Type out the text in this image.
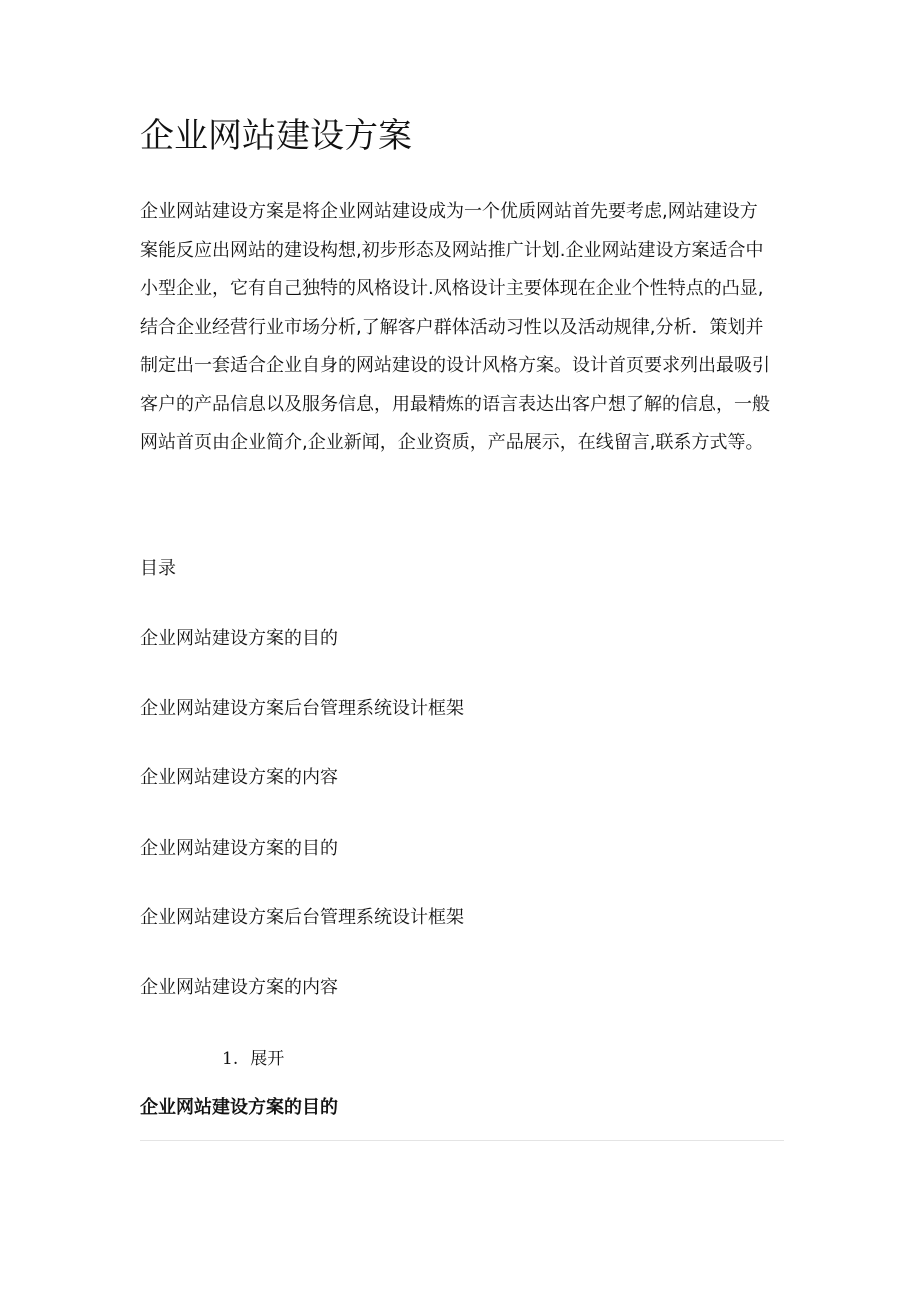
企业网站建设方案
企业网站建设方案是将企业网站建设成为一个优质网站首先要考虑,网站建设方
案能反应出网站的建设构想,初步形态及网站推广计划.企业网站建设方案适合中
小型企业，它有自己独特的风格设计.风格设计主要体现在企业个性特点的凸显,
结合企业经营行业市场分析,了解客户群体活动习性以及活动规律,分析．策划并
制定出一套适合企业自身的网站建设的设计风格方案。设计首页要求列出最吸引
客户的产品信息以及服务信息，用最精炼的语言表达出客户想了解的信息，一般
网站首页由企业简介,企业新闻，企业资质，产品展示，在线留言,联系方式等。

目录

企业网站建设方案的目的

企业网站建设方案后台管理系统设计框架

企业网站建设方案的内容

企业网站建设方案的目的

企业网站建设方案后台管理系统设计框架

企业网站建设方案的内容

1. 展开

企业网站建设方案的目的
